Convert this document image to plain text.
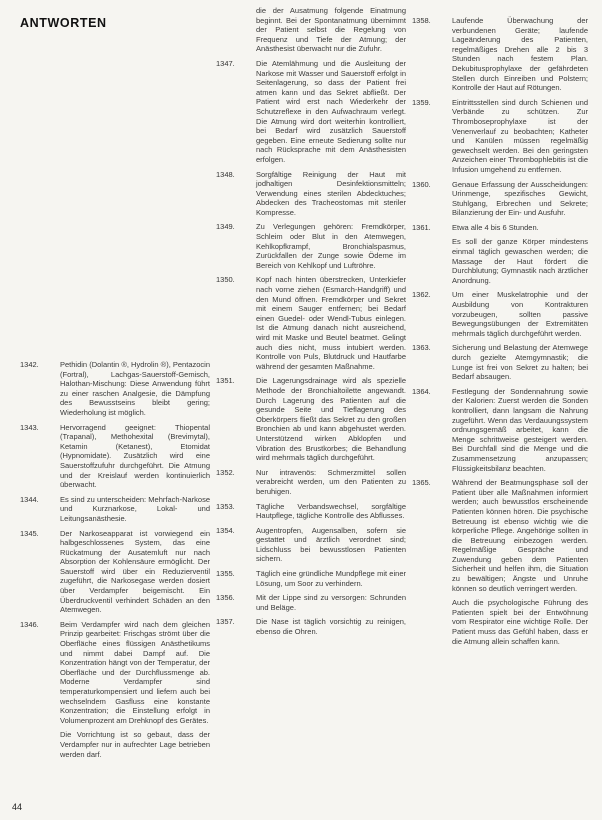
ANTWORTEN
1342.	Pethidin (Dolantin ®, Hydrolin ®), Pentazocin (Fortral), Lachgas-Sauerstoff-Gemisch, Halothan-Mischung: Diese Anwendung führt zu einer raschen Analgesie, die Dämpfung des Bewusstseins bleibt gering; Wiederholung ist möglich.
1343.	Hervorragend geeignet: Thiopental (Trapanal), Methohexital (Brevimytal), Ketamin (Ketanest), Etomidat (Hypnomidate). Zusätzlich wird eine Sauerstoffzufuhr durchgeführt. Die Atmung und der Kreislauf werden kontinuierlich überwacht.
1344.	Es sind zu unterscheiden: Mehrfach-Narkose und Kurznarkose, Lokal- und Leitungsanästhesie.
1345.	Der Narkoseapparat ist vorwiegend ein halbgeschlossenes System, das eine Rückatmung der Ausatemluft nur nach Absorption der Kohlensäure ermöglicht. Der Sauerstoff wird über ein Reduzierventil zugeführt, die Narkosegase werden dosiert über Verdampfer beigemischt. Ein Überdruckventil verhindert Schäden an den Atemwegen.
1346.	Beim Verdampfer wird nach dem gleichen Prinzip gearbeitet: Frischgas strömt über die Oberfläche eines flüssigen Anästhetikums und nimmt dabei Dampf auf. Die Konzentration hängt von der Temperatur, der Oberfläche und der Durchflussmenge ab. Moderne Verdampfer sind temperaturkompensiert und liefern auch bei wechselndem Gasfluss eine konstante Konzentration; die Einstellung erfolgt in Volumenprozent am Drehknopf des Gerätes.
Die Vorrichtung ist so gebaut, dass der Verdampfer nur in aufrechter Lage betrieben werden darf.
die der Ausatmung folgende Einatmung beginnt. Bei der Spontanatmung übernimmt der Patient selbst die Regelung von Frequenz und Tiefe der Atmung; der Anästhesist überwacht nur die Zufuhr.
1347.	Die Atemlähmung und die Ausleitung der Narkose mit Wasser und Sauerstoff erfolgt in Seitenlagerung, so dass der Patient frei atmen kann und das Sekret abfließt. Der Patient wird erst nach Wiederkehr der Schutzreflexe in den Aufwachraum verlegt. Die Atmung wird dort weiterhin kontrolliert, bei Bedarf wird zusätzlich Sauerstoff gegeben. Eine erneute Sedierung sollte nur nach Rücksprache mit dem Anästhesisten erfolgen.
1348.	Sorgfältige Reinigung der Haut mit jodhaltigen Desinfektionsmitteln; Verwendung eines sterilen Abdecktuches; Abdecken des Tracheostomas mit steriler Kompresse.
1349.	Zu Verlegungen gehören: Fremdkörper, Schleim oder Blut in den Atemwegen, Kehlkopfkrampf, Bronchialspasmus, Zurückfallen der Zunge sowie Ödeme im Bereich von Kehlkopf und Luftröhre.
1350.	Kopf nach hinten überstrecken, Unterkiefer nach vorne ziehen (Esmarch-Handgriff) und den Mund öffnen. Fremdkörper und Sekret mit einem Sauger entfernen; bei Bedarf einen Guedel- oder Wendl-Tubus einlegen. Ist die Atmung danach nicht ausreichend, wird mit Maske und Beutel beatmet. Gelingt auch dies nicht, muss intubiert werden. Kontrolle von Puls, Blutdruck und Hautfarbe während der gesamten Maßnahme.
1351.	Die Lagerungsdrainage wird als spezielle Methode der Bronchialtoilette angewandt. Durch Lagerung des Patienten auf die gesunde Seite und Tieflagerung des Oberkörpers fließt das Sekret zu den großen Bronchien ab und kann abgehustet werden. Unterstützend wirken Abklopfen und Vibration des Brustkorbes; die Behandlung wird mehrmals täglich durchgeführt.
1352.	Nur intravenös: Schmerzmittel sollen verabreicht werden, um den Patienten zu beruhigen.
1353.	Tägliche Verbandswechsel, sorgfältige Hautpflege, tägliche Kontrolle des Abflusses.
1354.	Augentropfen, Augensalben, sofern sie gestattet und ärztlich verordnet sind; Lidschluss bei bewusstlosen Patienten sichern.
1355.	Täglich eine gründliche Mundpflege mit einer Lösung, um Soor zu verhindern.
1356.	Mit der Lippe sind zu versorgen: Schrunden und Beläge.
1357.	Die Nase ist täglich vorsichtig zu reinigen, ebenso die Ohren.
1358.	Laufende Überwachung der verbundenen Geräte; laufende Lageänderung des Patienten, regelmäßiges Drehen alle 2 bis 3 Stunden nach festem Plan. Dekubitusprophylaxe der gefährdeten Stellen durch Einreiben und Polstern; Kontrolle der Haut auf Rötungen.
1359.	Eintrittsstellen sind durch Schienen und Verbände zu schützen. Zur Thromboseprophylaxe ist der Venenverlauf zu beobachten; Katheter und Kanülen müssen regelmäßig gewechselt werden. Bei den geringsten Anzeichen einer Thrombophlebitis ist die Infusion umgehend zu entfernen.
1360.	Genaue Erfassung der Ausscheidungen: Urinmenge, spezifisches Gewicht, Stuhlgang, Erbrechen und Sekrete; Bilanzierung der Ein- und Ausfuhr.
1361.	Etwa alle 4 bis 6 Stunden.
Es soll der ganze Körper mindestens einmal täglich gewaschen werden; die Massage der Haut fördert die Durchblutung; Gymnastik nach ärztlicher Anordnung.
1362.	Um einer Muskelatrophie und der Ausbildung von Kontrakturen vorzubeugen, sollten passive Bewegungsübungen der Extremitäten mehrmals täglich durchgeführt werden.
1363.	Sicherung und Belastung der Atemwege durch gezielte Atemgymnastik; die Lunge ist frei von Sekret zu halten; bei Bedarf absaugen.
1364.	Festlegung der Sondennahrung sowie der Kalorien: Zuerst werden die Sonden kontrolliert, dann langsam die Nahrung zugeführt. Wenn das Verdauungssystem ordnungsgemäß arbeitet, kann die Menge schrittweise gesteigert werden. Bei Durchfall sind die Menge und die Zusammensetzung anzupassen; Flüssigkeitsbilanz beachten.
1365.	Während der Beatmungsphase soll der Patient über alle Maßnahmen informiert werden; auch bewusstlos erscheinende Patienten können hören. Die psychische Betreuung ist ebenso wichtig wie die körperliche Pflege. Angehörige sollten in die Betreuung einbezogen werden. Regelmäßige Gespräche und Zuwendung geben dem Patienten Sicherheit und helfen ihm, die Situation zu bewältigen; Ängste und Unruhe können so deutlich verringert werden.
Auch die psychologische Führung des Patienten spielt bei der Entwöhnung vom Respirator eine wichtige Rolle. Der Patient muss das Gefühl haben, dass er die Atmung allein schaffen kann.
44
